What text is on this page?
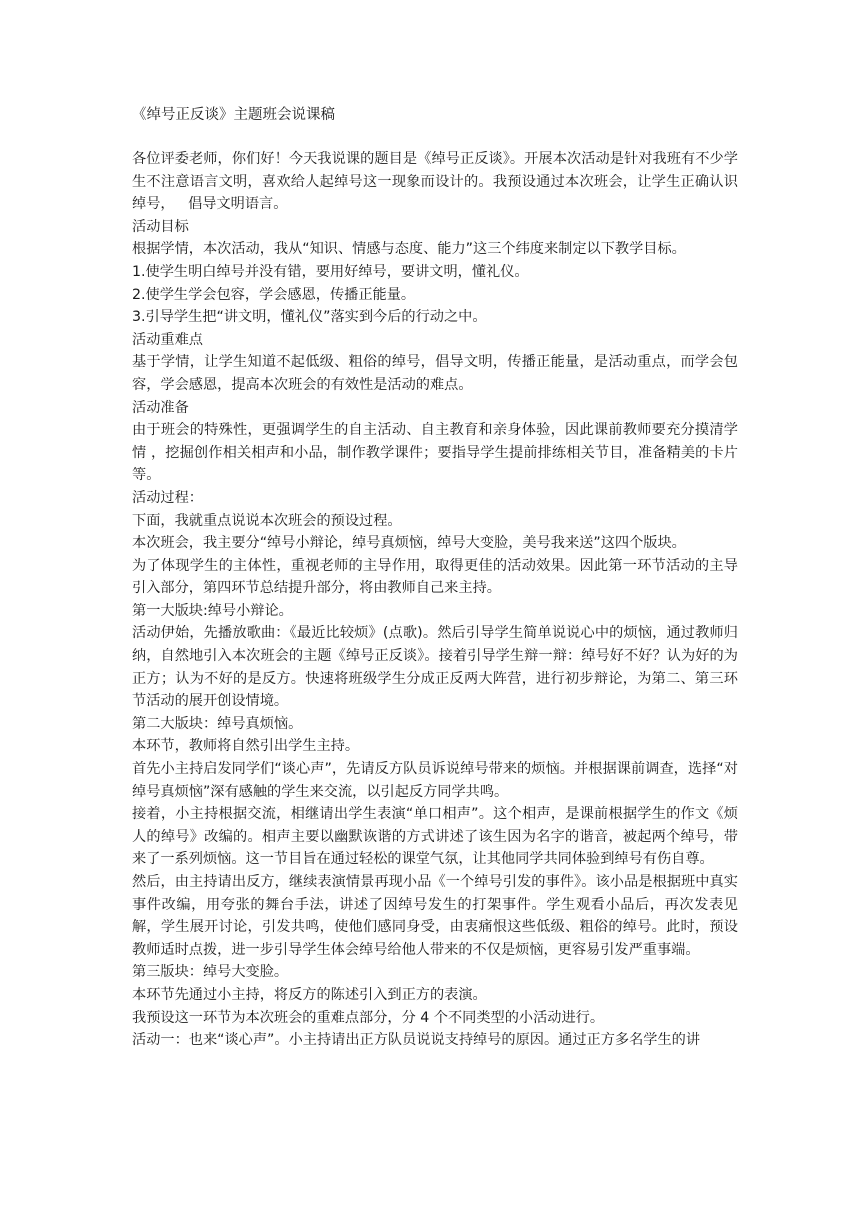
《绰号正反谈》主题班会说课稿

各位评委老师，你们好！今天我说课的题目是《绰号正反谈》。开展本次活动是针对我班有不少学生不注意语言文明，喜欢给人起绰号这一现象而设计的。我预设通过本次班会，让学生正确认识绰号，   倡导文明语言。

活动目标

根据学情，本次活动，我从“知识、情感与态度、能力”这三个纬度来制定以下教学目标。

1.使学生明白绰号并没有错，要用好绰号，要讲文明，懂礼仪。

2.使学生学会包容，学会感恩，传播正能量。

3.引导学生把“讲文明，懂礼仪”落实到今后的行动之中。

活动重难点

基于学情，让学生知道不起低级、粗俗的绰号，倡导文明，传播正能量，是活动重点，而学会包容，学会感恩，提高本次班会的有效性是活动的难点。

活动准备

由于班会的特殊性，更强调学生的自主活动、自主教育和亲身体验，因此课前教师要充分摸清学情 ，挖掘创作相关相声和小品，制作教学课件；要指导学生提前排练相关节目，准备精美的卡片等。

活动过程：

下面，我就重点说说本次班会的预设过程。

本次班会，我主要分“绰号小辩论，绰号真烦恼，绰号大变脸，美号我来送”这四个版块。

为了体现学生的主体性，重视老师的主导作用，取得更佳的活动效果。因此第一环节活动的主导引入部分，第四环节总结提升部分，将由教师自己来主持。

第一大版块:绰号小辩论。

活动伊始，先播放歌曲：《最近比较烦》(点歌)。然后引导学生简单说说心中的烦恼，通过教师归纳，自然地引入本次班会的主题《绰号正反谈》。接着引导学生辩一辩：绰号好不好？认为好的为正方；认为不好的是反方。快速将班级学生分成正反两大阵营，进行初步辩论，为第二、第三环节活动的展开创设情境。

第二大版块：绰号真烦恼。

本环节，教师将自然引出学生主持。

首先小主持启发同学们“谈心声”，先请反方队员诉说绰号带来的烦恼。并根据课前调查，选择“对绰号真烦恼”深有感触的学生来交流，以引起反方同学共鸣。

接着，小主持根据交流，相继请出学生表演“单口相声”。这个相声，是课前根据学生的作文《烦人的绰号》改编的。相声主要以幽默诙谐的方式讲述了该生因为名字的谐音，被起两个绰号，带来了一系列烦恼。这一节目旨在通过轻松的课堂气氛，让其他同学共同体验到绰号有伤自尊。

然后，由主持请出反方，继续表演情景再现小品《一个绰号引发的事件》。该小品是根据班中真实事件改编，用夸张的舞台手法，讲述了因绰号发生的打架事件。学生观看小品后，再次发表见解，学生展开讨论，引发共鸣，使他们感同身受，由衷痛恨这些低级、粗俗的绰号。此时，预设教师适时点拨，进一步引导学生体会绰号给他人带来的不仅是烦恼，更容易引发严重事端。

第三版块：绰号大变脸。

本环节先通过小主持，将反方的陈述引入到正方的表演。

我预设这一环节为本次班会的重难点部分，分 4 个不同类型的小活动进行。

活动一：也来“谈心声”。小主持请出正方队员说说支持绰号的原因。通过正方多名学生的讲
